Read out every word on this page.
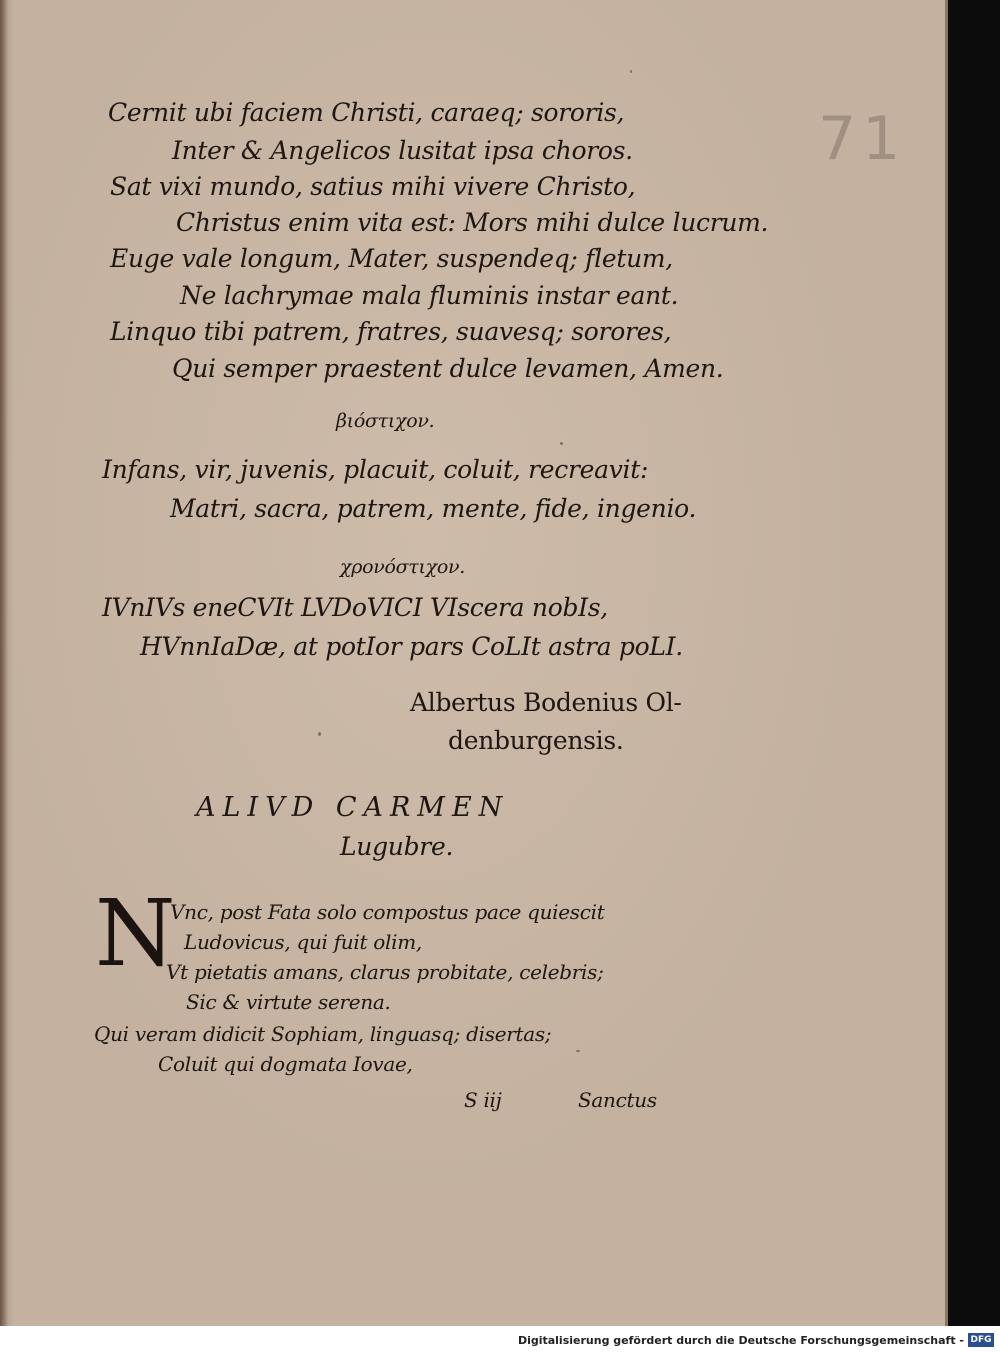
71
Cernit ubi faciem Christi, caraeq; sororis,
Inter & Angelicos lusitat ipsa choros.
Sat vixi mundo, satius mihi vivere Christo,
Christus enim vita est: Mors mihi dulce lucrum.
Euge vale longum, Mater, suspendeq; fletum,
Ne lachrymae mala fluminis instar eant.
Linquo tibi patrem, fratres, suavesq; sorores,
Qui semper praestent dulce levamen, Amen.
βιόστιχον.
Infans, vir, juvenis, placuit, coluit, recreavit:
Matri, sacra, patrem, mente, fide, ingenio.
χρονόστιχον.
IVnIVs eneCVIt LVDoVICI VIscera nobIs,
HVnnIaDæ, at potIor pars CoLIt astra poLI.
Albertus Bodenius Ol-
denburgensis.
ALIVD CARMEN
Lugubre.
N
Vnc, post Fata solo compostus pace quiescit
Ludovicus, qui fuit olim,
Vt pietatis amans, clarus probitate, celebris;
Sic & virtute serena.
Qui veram didicit Sophiam, linguasq; disertas;
Coluit qui dogmata Iovae,
S iij	Sanctus
Digitalisierung gefördert durch die Deutsche Forschungsgemeinschaft - DFG
